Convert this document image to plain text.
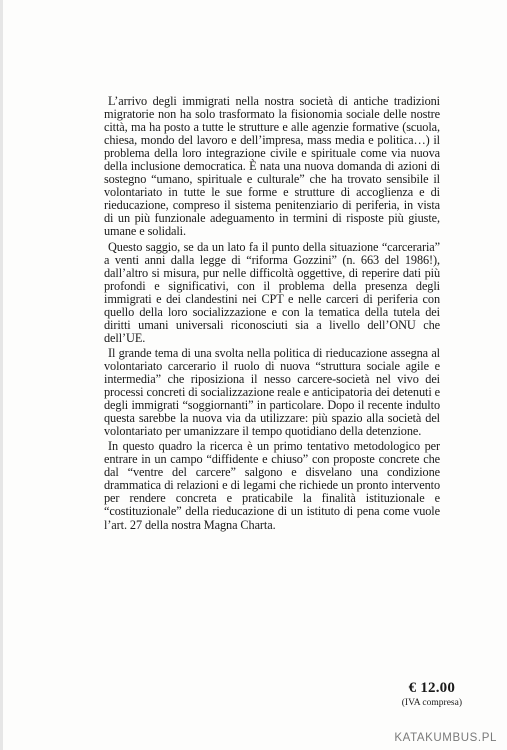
L’arrivo degli immigrati nella nostra società di antiche tradizioni migratorie non ha solo trasformato la fisionomia sociale delle nostre città, ma ha posto a tutte le strutture e alle agenzie formative (scuola, chiesa, mondo del lavoro e dell’impresa, mass media e politica…) il problema della loro integrazione civile e spirituale come via nuova della inclusione democratica. È nata una nuova domanda di azioni di sostegno “umano, spirituale e culturale” che ha trovato sensibile il volontariato in tutte le sue forme e strutture di accoglienza e di rieducazione, compreso il sistema penitenziario di periferia, in vista di un più funzionale adeguamento in termini di risposte più giuste, umane e solidali.

Questo saggio, se da un lato fa il punto della situazione “carceraria” a venti anni dalla legge di “riforma Gozzini” (n. 663 del 1986!), dall’altro si misura, pur nelle difficoltà oggettive, di reperire dati più profondi e significativi, con il problema della presenza degli immigrati e dei clandestini nei CPT e nelle carceri di periferia con quello della loro socializzazione e con la tematica della tutela dei diritti umani universali riconosciuti sia a livello dell’ONU che dell’UE.

Il grande tema di una svolta nella politica di rieducazione assegna al volontariato carcerario il ruolo di nuova “struttura sociale agile e intermedia” che riposiziona il nesso carcere-società nel vivo dei processi concreti di socializzazione reale e anticipatoria dei detenuti e degli immigrati “soggiornanti” in particolare. Dopo il recente indulto questa sarebbe la nuova via da utilizzare: più spazio alla società del volontariato per umanizzare il tempo quotidiano della detenzione.

In questo quadro la ricerca è un primo tentativo metodologico per entrare in un campo “diffidente e chiuso” con proposte concrete che dal “ventre del carcere” salgono e disvelano una condizione drammatica di relazioni e di legami che richiede un pronto intervento per rendere concreta e praticabile la finalità istituzionale e “costituzionale” della rieducazione di un istituto di pena come vuole l’art. 27 della nostra Magna Charta.

€ 12.00
(IVA compresa)
KATAKUMBUS.PL
